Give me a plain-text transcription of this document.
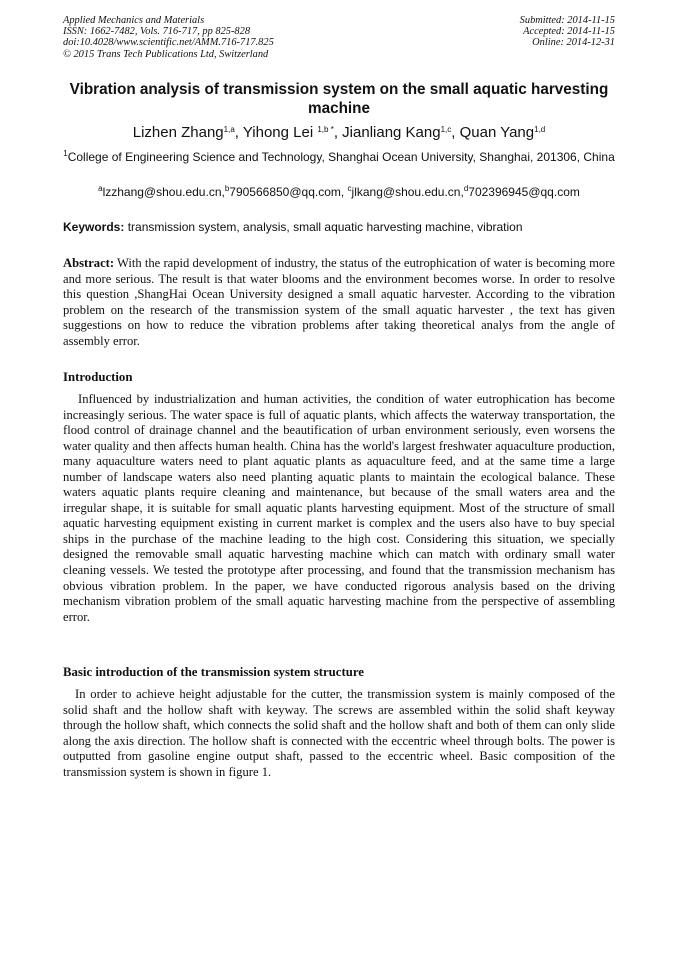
Applied Mechanics and Materials
ISSN: 1662-7482, Vols. 716-717, pp 825-828
doi:10.4028/www.scientific.net/AMM.716-717.825
© 2015 Trans Tech Publications Ltd, Switzerland
Submitted: 2014-11-15
Accepted: 2014-11-15
Online: 2014-12-31
Vibration analysis of transmission system on the small aquatic harvesting machine
Lizhen Zhang$^{1,a}$, Yihong Lei $^{1,b *}$, Jianliang Kang$^{1,c}$, Quan Yang$^{1,d}$
$^1$College of Engineering Science and Technology, Shanghai Ocean University, Shanghai, 201306, China
$^a$lzzhang@shou.edu.cn,$^b$790566850@qq.com, $^c$jlkang@shou.edu.cn,$^d$702396945@qq.com
Keywords: transmission system, analysis, small aquatic harvesting machine, vibration
Abstract: With the rapid development of industry, the status of the eutrophication of water is becoming more and more serious. The result is that water blooms and the environment becomes worse. In order to resolve this question ,ShangHai Ocean University designed a small aquatic harvester. According to the vibration problem on the research of the transmission system of the small aquatic harvester , the text has given suggestions on how to reduce the vibration problems after taking theoretical analys from the angle of assembly error.
Introduction
Influenced by industrialization and human activities, the condition of water eutrophication has become increasingly serious. The water space is full of aquatic plants, which affects the waterway transportation, the flood control of drainage channel and the beautification of urban environment seriously, even worsens the water quality and then affects human health. China has the world's largest freshwater aquaculture production, many aquaculture waters need to plant aquatic plants as aquaculture feed, and at the same time a large number of landscape waters also need planting aquatic plants to maintain the ecological balance. These waters aquatic plants require cleaning and maintenance, but because of the small waters area and the irregular shape, it is suitable for small aquatic plants harvesting equipment. Most of the structure of small aquatic harvesting equipment existing in current market is complex and the users also have to buy special ships in the purchase of the machine leading to the high cost. Considering this situation, we specially designed the removable small aquatic harvesting machine which can match with ordinary small water cleaning vessels. We tested the prototype after processing, and found that the transmission mechanism has obvious vibration problem. In the paper, we have conducted rigorous analysis based on the driving mechanism vibration problem of the small aquatic harvesting machine from the perspective of assembling error.
Basic introduction of the transmission system structure
In order to achieve height adjustable for the cutter, the transmission system is mainly composed of the solid shaft and the hollow shaft with keyway. The screws are assembled within the solid shaft keyway through the hollow shaft, which connects the solid shaft and the hollow shaft and both of them can only slide along the axis direction. The hollow shaft is connected with the eccentric wheel through bolts. The power is outputted from gasoline engine output shaft, passed to the eccentric wheel. Basic composition of the transmission system is shown in figure 1.
